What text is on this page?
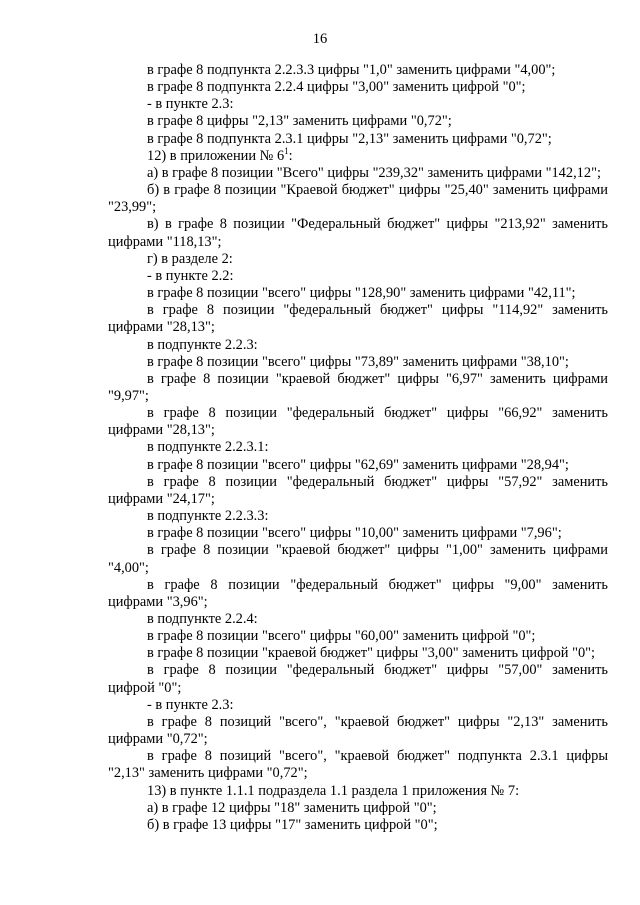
16

в графе 8 подпункта 2.2.3.3 цифры "1,0" заменить цифрами "4,00";

в графе 8 подпункта 2.2.4 цифры "3,00" заменить цифрой "0";

- в пункте 2.3:

в графе 8 цифры "2,13" заменить цифрами "0,72";

в графе 8 подпункта 2.3.1 цифры "2,13" заменить цифрами "0,72";

12) в приложении № $6^1$:

а) в графе 8 позиции "Всего" цифры "239,32" заменить цифрами "142,12";

б) в графе 8 позиции "Краевой бюджет" цифры "25,40" заменить цифрами "23,99";

в) в графе 8 позиции "Федеральный бюджет" цифры "213,92" заменить цифрами "118,13";

г) в разделе 2:

- в пункте 2.2:

в графе 8 позиции "всего" цифры "128,90" заменить цифрами "42,11";

в графе 8 позиции "федеральный бюджет" цифры "114,92" заменить цифрами "28,13";

в подпункте 2.2.3:

в графе 8 позиции "всего" цифры "73,89" заменить цифрами "38,10";

в графе 8 позиции "краевой бюджет" цифры "6,97" заменить цифрами "9,97";

в графе 8 позиции "федеральный бюджет" цифры "66,92" заменить цифрами "28,13";

в подпункте 2.2.3.1:

в графе 8 позиции "всего" цифры "62,69" заменить цифрами "28,94";

в графе 8 позиции "федеральный бюджет" цифры "57,92" заменить цифрами "24,17";

в подпункте 2.2.3.3:

в графе 8 позиции "всего" цифры "10,00" заменить цифрами "7,96";

в графе 8 позиции "краевой бюджет" цифры "1,00" заменить цифрами "4,00";

в графе 8 позиции "федеральный бюджет" цифры "9,00" заменить цифрами "3,96";

в подпункте 2.2.4:

в графе 8 позиции "всего" цифры "60,00" заменить цифрой "0";

в графе 8 позиции "краевой бюджет" цифры "3,00" заменить цифрой "0";

в графе 8 позиции "федеральный бюджет" цифры "57,00" заменить цифрой "0";

- в пункте 2.3:

в графе 8 позиций "всего", "краевой бюджет" цифры "2,13" заменить цифрами "0,72";

в графе 8 позиций "всего", "краевой бюджет" подпункта 2.3.1 цифры "2,13" заменить цифрами "0,72";

13) в пункте 1.1.1 подраздела 1.1 раздела 1 приложения № 7:

а) в графе 12 цифры "18" заменить цифрой "0";

б) в графе 13 цифры "17" заменить цифрой "0";
